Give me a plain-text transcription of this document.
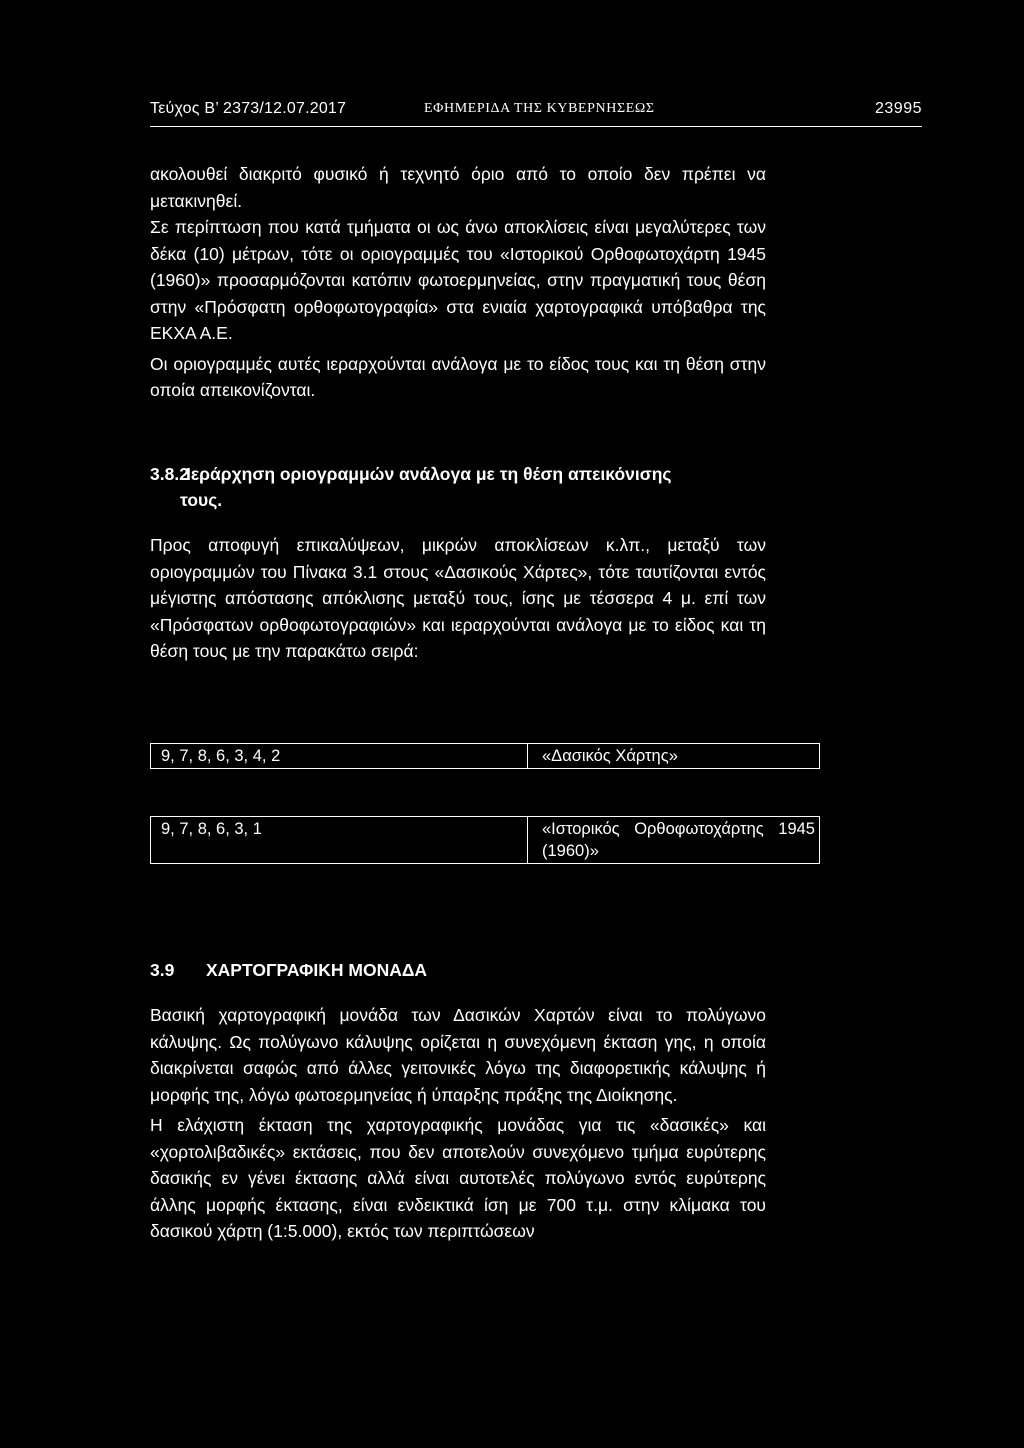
Τεύχος Β’ 2373/12.07.2017	ΕΦΗΜΕΡΙΔΑ ΤΗΣ ΚΥΒΕΡΝΗΣΕΩΣ	23995

ακολουθεί διακριτό φυσικό ή τεχνητό όριο από το οποίο δεν πρέπει να μετακινηθεί.

Σε περίπτωση που κατά τμήματα οι ως άνω αποκλίσεις είναι μεγαλύτερες των δέκα (10) μέτρων, τότε οι οριογραμμές του «Ιστορικού Ορθοφωτοχάρτη 1945 (1960)» προσαρμόζονται κατόπιν φωτοερμηνείας, στην πραγματική τους θέση στην «Πρόσφατη ορθοφωτογραφία» στα ενιαία χαρτογραφικά υπόβαθρα της ΕΚΧΑ Α.Ε.

Οι οριογραμμές αυτές ιεραρχούνται ανάλογα με το είδος τους και τη θέση στην οποία απεικονίζονται.

3.8.2Ιεράρχηση οριογραμμών ανάλογα με τη θέση απεικόνισης
τους.

Προς αποφυγή επικαλύψεων, μικρών αποκλίσεων κ.λπ., μεταξύ των οριογραμμών του Πίνακα 3.1 στους «Δασικούς Χάρτες», τότε ταυτίζονται εντός μέγιστης απόστασης απόκλισης μεταξύ τους, ίσης με τέσσερα 4 μ. επί των «Πρόσφατων ορθοφωτογραφιών» και ιεραρχούνται ανάλογα με το είδος και τη θέση τους με την παρακάτω σειρά:

9, 7, 8, 6, 3, 4, 2	«Δασικός Χάρτης»
9, 7, 8, 6, 3, 1	«Ιστορικός Ορθοφωτοχάρτης 1945 (1960)»
3.9 ΧΑΡΤΟΓΡΑΦΙΚΗ ΜΟΝΑΔΑ

Βασική χαρτογραφική μονάδα των Δασικών Χαρτών είναι το πολύγωνο κάλυψης. Ως πολύγωνο κάλυψης ορίζεται η συνεχόμενη έκταση γης, η οποία διακρίνεται σαφώς από άλλες γειτονικές λόγω της διαφορετικής κάλυψης ή μορφής της, λόγω φωτοερμηνείας ή ύπαρξης πράξης της Διοίκησης.

Η ελάχιστη έκταση της χαρτογραφικής μονάδας για τις «δασικές» και «χορτολιβαδικές» εκτάσεις, που δεν αποτελούν συνεχόμενο τμήμα ευρύτερης δασικής εν γένει έκτασης αλλά είναι αυτοτελές πολύγωνο εντός ευρύτερης άλλης μορφής έκτασης, είναι ενδεικτικά ίση με 700 τ.μ. στην κλίμακα του δασικού χάρτη (1:5.000), εκτός των περιπτώσεων
